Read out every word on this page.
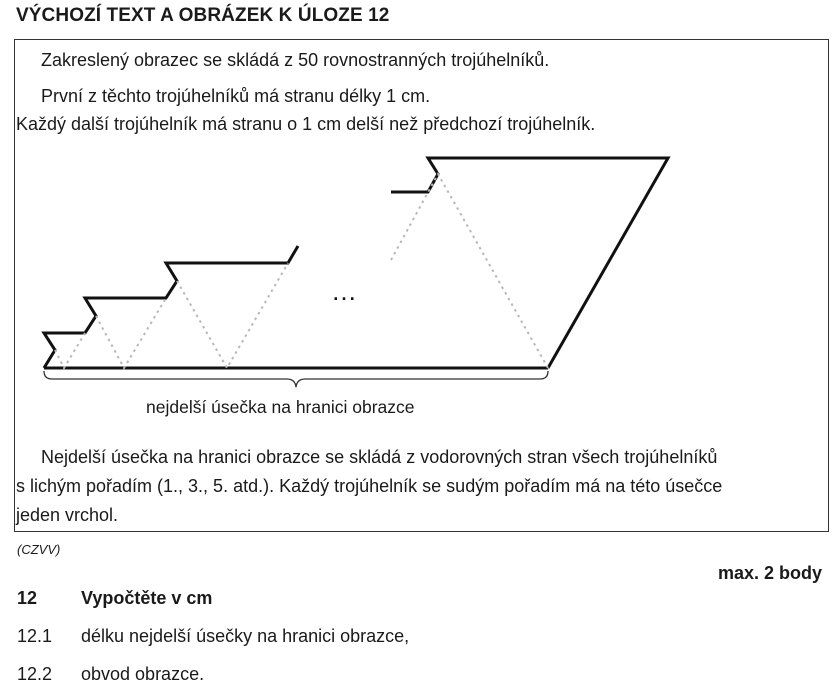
VÝCHOZÍ TEXT A OBRÁZEK K ÚLOZE 12
Zakreslený obrazec se skládá z 50 rovnostranných trojúhelníků.
První z těchto trojúhelníků má stranu délky 1 cm.
Každý další trojúhelník má stranu o 1 cm delší než předchozí trojúhelník.
…
nejdelší úsečka na hranici obrazce
Nejdelší úsečka na hranici obrazce se skládá z vodorovných stran všech trojúhelníků
s lichým pořadím (1., 3., 5. atd.). Každý trojúhelník se sudým pořadím má na této úsečce
jeden vrchol.
(CZVV)
max. 2 body
12 Vypočtěte v cm
12.1 délku nejdelší úsečky na hranici obrazce,
12.2 obvod obrazce.
